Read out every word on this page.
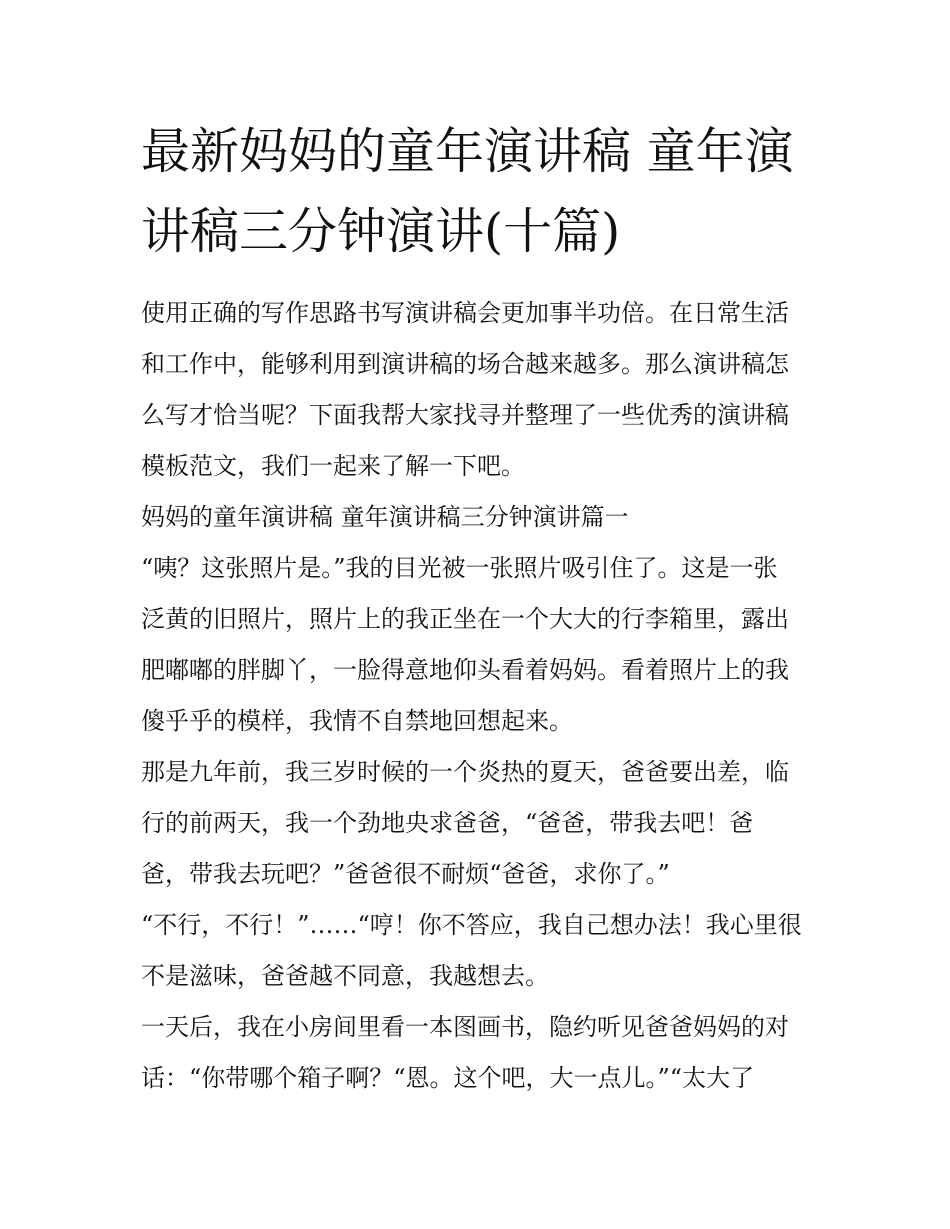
最新妈妈的童年演讲稿 童年演
讲稿三分钟演讲(十篇)

使用正确的写作思路书写演讲稿会更加事半功倍。在日常生活
和工作中，能够利用到演讲稿的场合越来越多。那么演讲稿怎
么写才恰当呢？下面我帮大家找寻并整理了一些优秀的演讲稿
模板范文，我们一起来了解一下吧。

妈妈的童年演讲稿 童年演讲稿三分钟演讲篇一

“咦？这张照片是。”我的目光被一张照片吸引住了。这是一张
泛黄的旧照片，照片上的我正坐在一个大大的行李箱里，露出
肥嘟嘟的胖脚丫，一脸得意地仰头看着妈妈。看着照片上的我
傻乎乎的模样，我情不自禁地回想起来。

那是九年前，我三岁时候的一个炎热的夏天，爸爸要出差，临
行的前两天，我一个劲地央求爸爸，“爸爸，带我去吧！爸
爸，带我去玩吧？”爸爸很不耐烦“爸爸，求你了。”

“不行，不行！”……“哼！你不答应，我自己想办法！我心里很
不是滋味，爸爸越不同意，我越想去。

一天后，我在小房间里看一本图画书，隐约听见爸爸妈妈的对
话：“你带哪个箱子啊？“恩。这个吧，大一点儿。”“太大了
